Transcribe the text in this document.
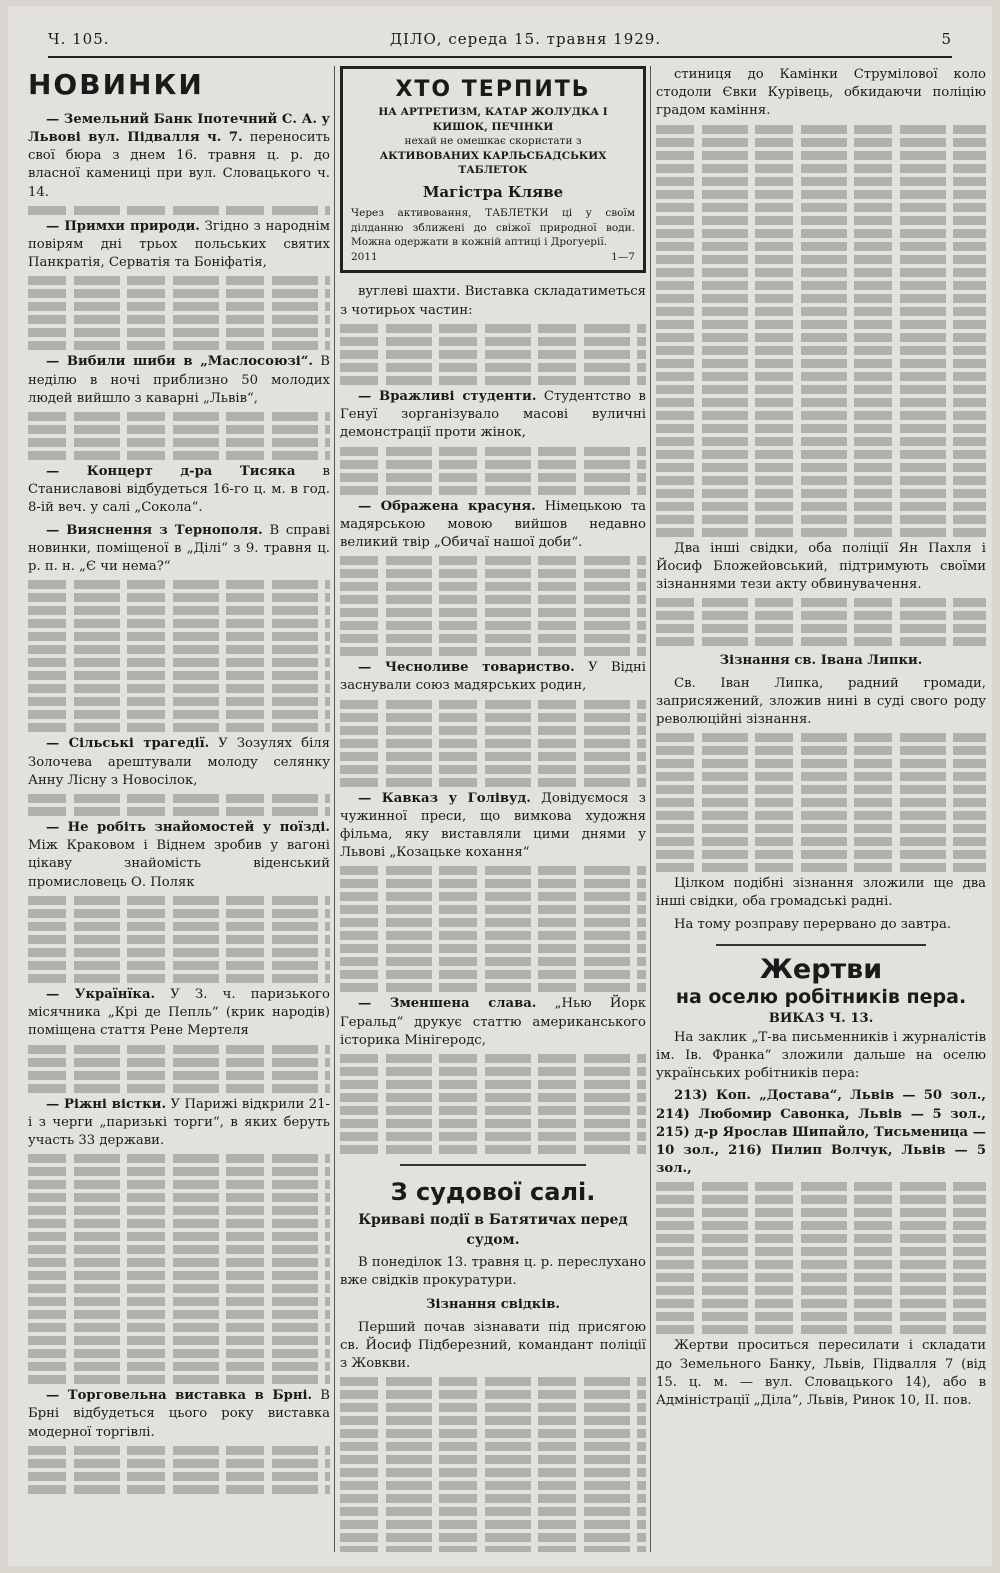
Ч. 105.	ДІЛО, середа 15. травня 1929.	5
НОВИНКИ
— Земельний Банк Іпотечний С. А. у Львові вул. Підвалля ч. 7. переносить свої бюра з днем 16. травня ц. р. до власної камениці при вул. Словацького ч. 14.
— Примхи природи. Згідно з народнім повірям дні трьох польських святих Панкратія, Серватія та Боніфатія,
— Вибили шиби в „Маслосоюзі“. В неділю в ночі приблизно 50 молодих людей вийшло з каварні „Львів“,
— Концерт д-ра Тисяка в Станиславові відбудеться 16-го ц. м. в год. 8-ій веч. у салі „Сокола“.
— Вияснення з Тернополя. В справі новинки, поміщеної в „Ділі“ з 9. травня ц. р. п. н. „Є чи нема?“
— Сільські трагедії. У Зозулях біля Золочева арештували молоду селянку Анну Лісну з Новосілок,
— Не робіть знайомостей у поїзді. Між Краковом і Віднем зробив у вагоні цікаву знайомість віденський промисловець О. Поляк
— Українїка. У З. ч. паризького місячника „Крі де Пепль“ (крик народів) поміщена стаття Рене Мертеля
— Ріжні вістки. У Парижі відкрили 21-і з черги „паризькі торги“, в яких беруть участь 33 держави.
— Торговельна виставка в Брні. В Брні відбудеться цього року виставка модерної торгівлі.
ХТО ТЕРПИТЬ
НА АРТРЕТИЗМ, КАТАР ЖОЛУДКА І КИШОК, ПЕЧІНКИ
нехай не омешкає скористати з
АКТИВОВАНИХ КАРЛЬСБАДСЬКИХ ТАБЛЕТОК
Магістра Кляве
Через активовання, ТАБЛЕТКИ ці у своїм ділданню зближені до свіжої природної води. Можна одержати в кожній аптиці і Дрогуерії.
2011	1—7
вуглеві шахти. Виставка складатиметься з чотирьох частин:
— Вражливі студенти. Студентство в Генуї зорганізувало масові вуличні демонстрації проти жінок,
— Ображена красуня. Німецькою та мадярською мовою вийшов недавно великий твір „Обичаї нашої доби“.
— Чесноливе товариство. У Відні заснували союз мадярських родин,
— Кавказ у Голівуд. Довідуємося з чужинної преси, що вимкова художня фільма, яку виставляли цими днями у Львові „Козацьке кохання“
— Зменшена слава. „Нью Йорк Геральд“ друкує статтю американського історика Мінігеродс,
З судової салі.
Криваві події в Батятичах перед судом.
В понеділок 13. травня ц. р. переслухано вже свідків прокуратури.
Зізнання свідків.
Перший почав зізнавати під присягою св. Йосиф Підберезний, командант поліції з Жовкви.
стиниця до Камінки Струмілової коло стодоли Євки Курівець, обкидаючи поліцію градом каміння.
Два інші свідки, оба поліції Ян Пахля і Йосиф Бложейовський, підтримують своїми зізнаннями тези акту обвинувачення.
Зізнання св. Івана Липки.
Св. Іван Липка, радний громади, заприсяжений, зложив нині в суді свого роду революційні зізнання.
Цілком подібні зізнання зложили ще два інші свідки, оба громадські радні.
На тому розправу перервано до завтра.
Жертви
на оселю робітників пера.
ВИКАЗ Ч. 13.
На заклик „Т-ва письменників і журналістів ім. Ів. Франка“ зложили дальше на оселю українських робітників пера:
213) Коп. „Достава“, Львів — 50 зол., 214) Любомир Савонка, Львів — 5 зол., 215) д-р Ярослав Шипайло, Тисьменица — 10 зол., 216) Пилип Волчук, Львів — 5 зол.,
Жертви проситься пересилати і складати до Земельного Банку, Львів, Підвалля 7 (від 15. ц. м. — вул. Словацького 14), або в Адміністрації „Діла“, Львів, Ринок 10, II. пов.
